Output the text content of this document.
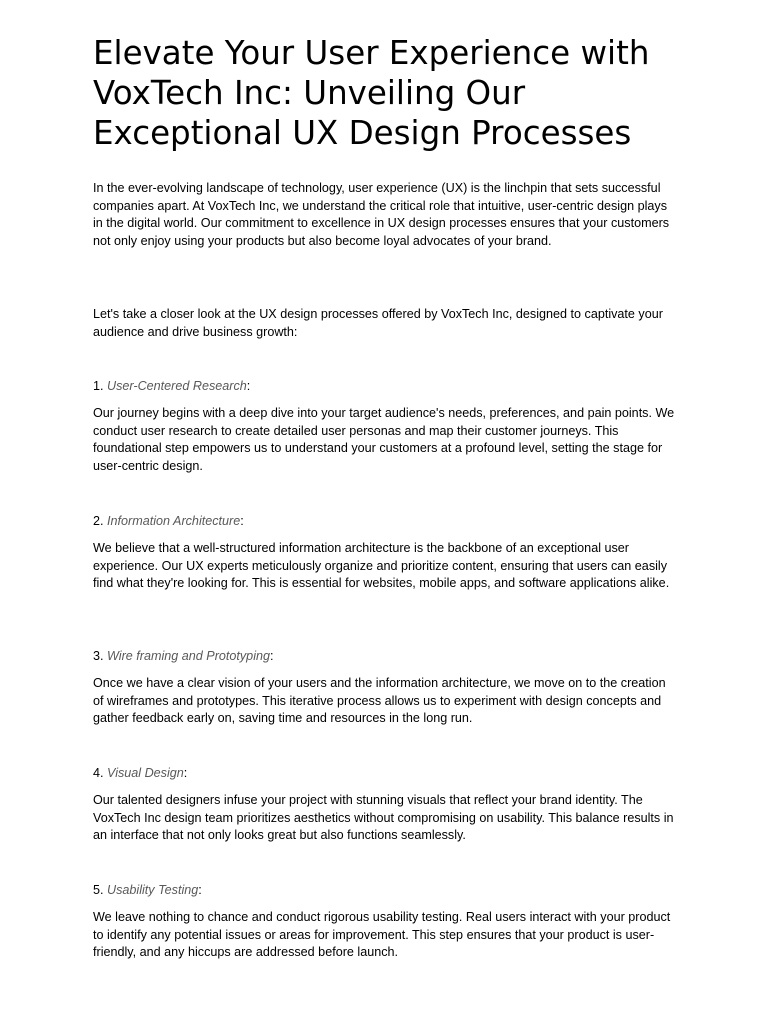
Elevate Your User Experience with VoxTech Inc: Unveiling Our Exceptional UX Design Processes

In the ever-evolving landscape of technology, user experience (UX) is the linchpin that sets successful companies apart. At VoxTech Inc, we understand the critical role that intuitive, user-centric design plays in the digital world. Our commitment to excellence in UX design processes ensures that your customers not only enjoy using your products but also become loyal advocates of your brand.

Let's take a closer look at the UX design processes offered by VoxTech Inc, designed to captivate your audience and drive business growth:

1. User-Centered Research:

Our journey begins with a deep dive into your target audience's needs, preferences, and pain points. We conduct user research to create detailed user personas and map their customer journeys. This foundational step empowers us to understand your customers at a profound level, setting the stage for user-centric design.

2. Information Architecture:

We believe that a well-structured information architecture is the backbone of an exceptional user experience. Our UX experts meticulously organize and prioritize content, ensuring that users can easily find what they're looking for. This is essential for websites, mobile apps, and software applications alike.

3. Wire framing and Prototyping:

Once we have a clear vision of your users and the information architecture, we move on to the creation of wireframes and prototypes. This iterative process allows us to experiment with design concepts and gather feedback early on, saving time and resources in the long run.

4. Visual Design:

Our talented designers infuse your project with stunning visuals that reflect your brand identity. The VoxTech Inc design team prioritizes aesthetics without compromising on usability. This balance results in an interface that not only looks great but also functions seamlessly.

5. Usability Testing:

We leave nothing to chance and conduct rigorous usability testing. Real users interact with your product to identify any potential issues or areas for improvement. This step ensures that your product is user-friendly, and any hiccups are addressed before launch.
